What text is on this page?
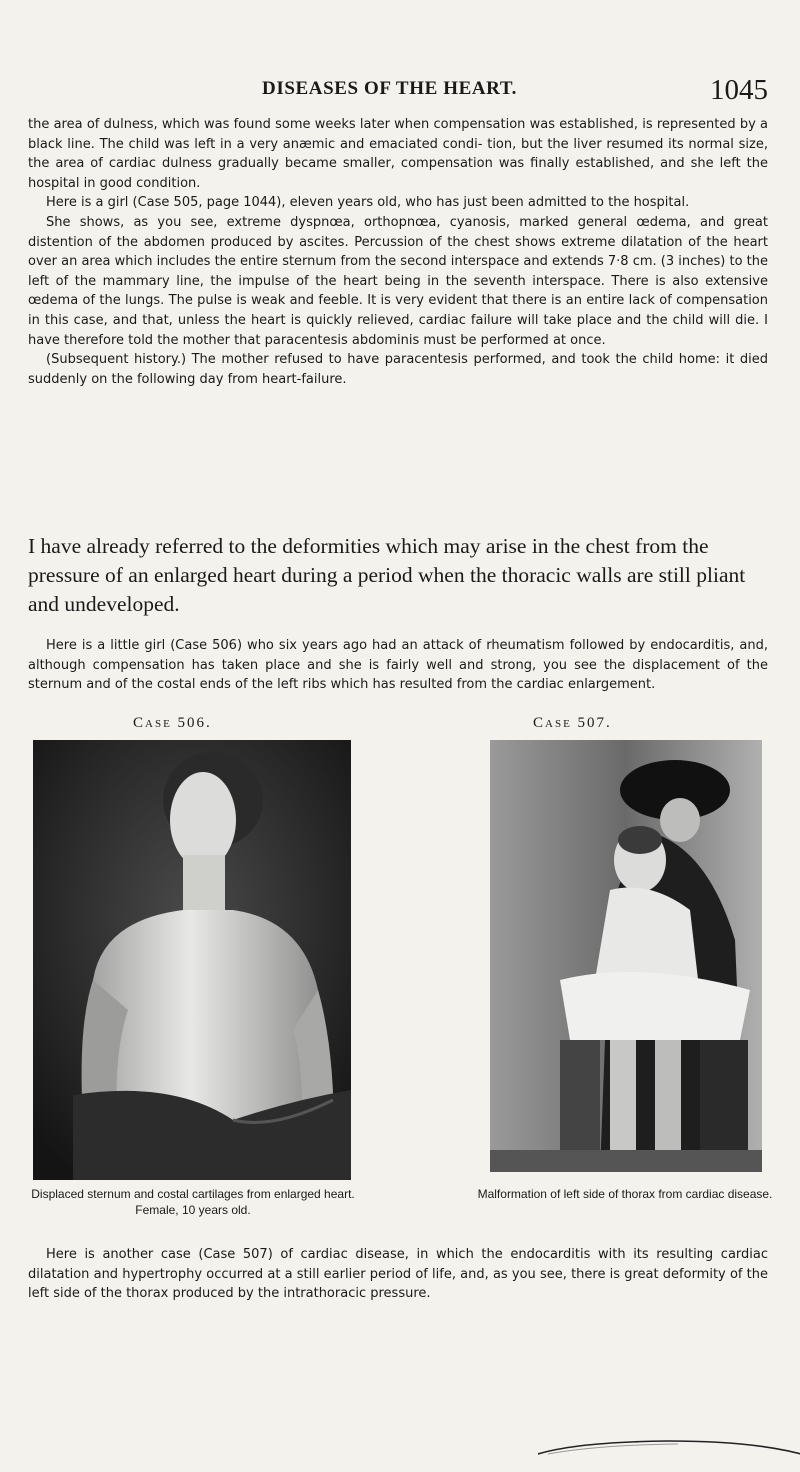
DISEASES OF THE HEART.	1045

the area of dulness, which was found some weeks later when compensation was established, is represented by a black line. The child was left in a very anæmic and emaciated condi- tion, but the liver resumed its normal size, the area of cardiac dulness gradually became smaller, compensation was finally established, and she left the hospital in good condition.

Here is a girl (Case 505, page 1044), eleven years old, who has just been admitted to the hospital.

She shows, as you see, extreme dyspnœa, orthopnœa, cyanosis, marked general œdema, and great distention of the abdomen produced by ascites. Percussion of the chest shows extreme dilatation of the heart over an area which includes the entire sternum from the second interspace and extends 7·8 cm. (3 inches) to the left of the mammary line, the impulse of the heart being in the seventh interspace. There is also extensive œdema of the lungs. The pulse is weak and feeble. It is very evident that there is an entire lack of compensation in this case, and that, unless the heart is quickly relieved, cardiac failure will take place and the child will die. I have therefore told the mother that paracentesis abdominis must be performed at once.

(Subsequent history.) The mother refused to have paracentesis performed, and took the child home: it died suddenly on the following day from heart-failure.

I have already referred to the deformities which may arise in the chest from the pressure of an enlarged heart during a period when the thoracic walls are still pliant and undeveloped.

Here is a little girl (Case 506) who six years ago had an attack of rheumatism followed by endocarditis, and, although compensation has taken place and she is fairly well and strong, you see the displacement of the sternum and of the costal ends of the left ribs which has resulted from the cardiac enlargement.

Case 506.
Displaced sternum and costal cartilages from enlarged heart. Female, 10 years old.
Case 507.
Malformation of left side of thorax from cardiac disease.

Here is another case (Case 507) of cardiac disease, in which the endocarditis with its resulting cardiac dilatation and hypertrophy occurred at a still earlier period of life, and, as you see, there is great deformity of the left side of the thorax produced by the intrathoracic pressure.
